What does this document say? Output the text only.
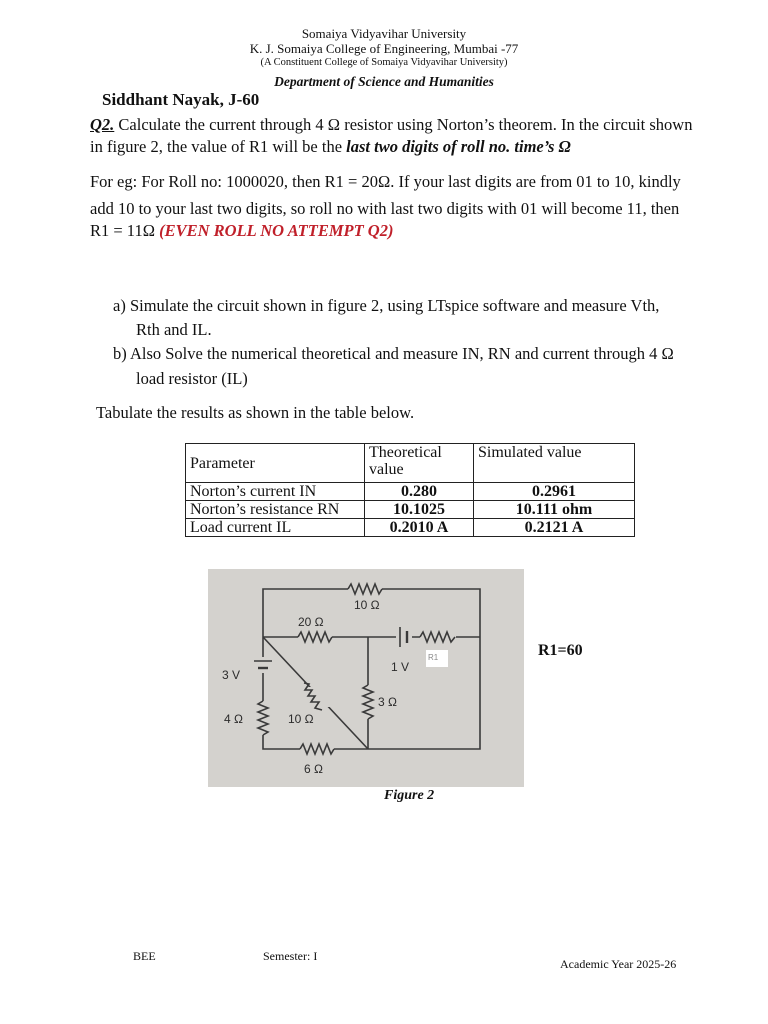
Somaiya Vidyavihar University
K. J. Somaiya College of Engineering, Mumbai -77
(A Constituent College of Somaiya Vidyavihar University)
Department of Science and Humanities
Siddhant Nayak, J-60
Q2. Calculate the current through 4 Ω resistor using Norton’s theorem. In the circuit shown
in figure 2, the value of R1 will be the last two digits of roll no. time’s Ω
For eg: For Roll no: 1000020, then R1 = 20Ω. If your last digits are from 01 to 10, kindly
add 10 to your last two digits, so roll no with last two digits with 01 will become 11, then
R1 = 11Ω (EVEN ROLL NO ATTEMPT Q2)
a) Simulate the circuit shown in figure 2, using LTspice software and measure Vth,
Rth and IL.
b) Also Solve the numerical theoretical and measure IN, RN and current through 4 Ω
load resistor (IL)
Tabulate the results as shown in the table below.
Parameter	Theoretical value	Simulated value
Norton’s current IN	0.280	0.2961
Norton’s resistance RN	10.1025	10.111 ohm
Load current IL	0.2010 A	0.2121 A
10 Ω
20 Ω
3 V
1 V
R1
3 Ω
4 Ω	10 Ω
6 Ω
Figure 2
R1=60
BEE	Semester: I
Academic Year 2025-26
